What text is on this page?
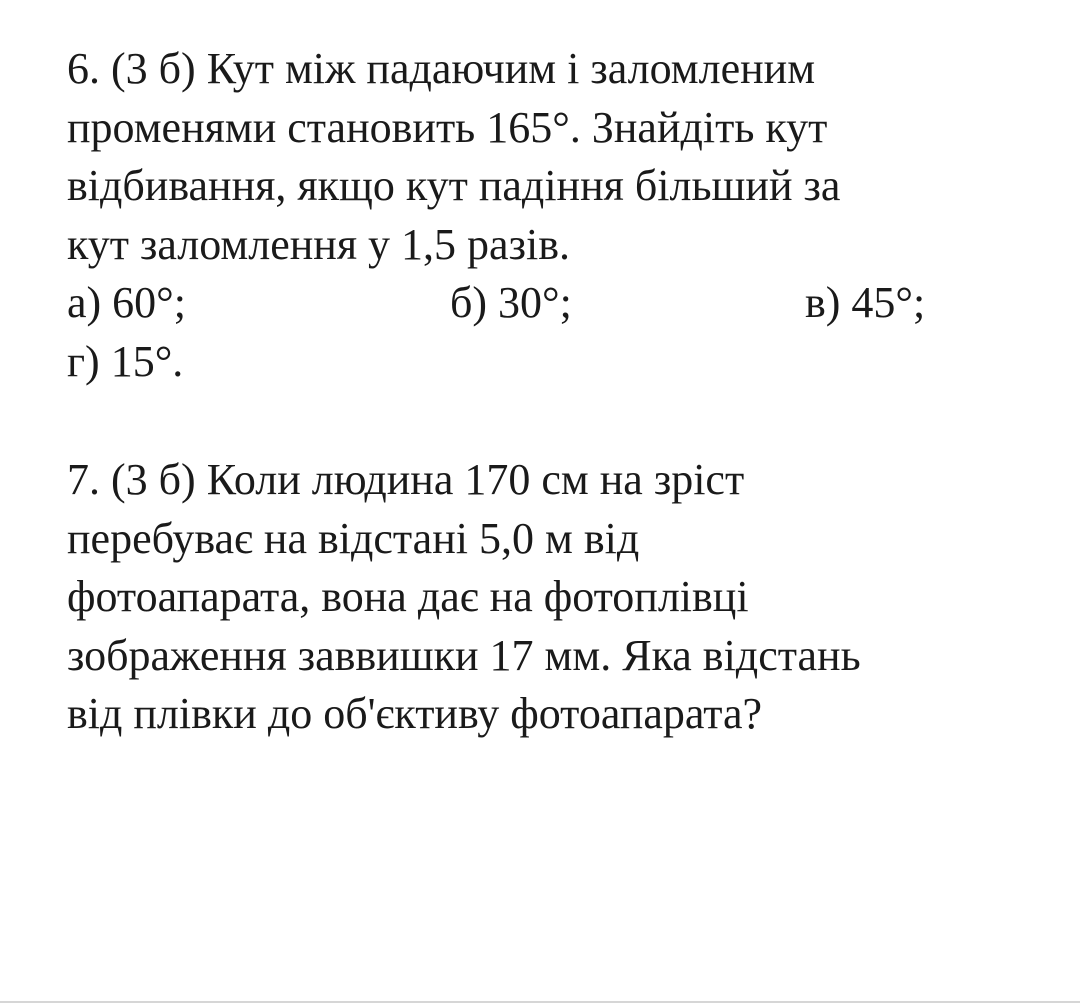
6. (3 б) Кут між падаючим і заломленим
променями становить 165°. Знайдіть кут
відбивання, якщо кут падіння більший за
кут заломлення у 1,5 разів.
а) 60°;	б) 30°;	в) 45°;
г) 15°.
7. (3 б) Коли людина 170 см на зріст
перебуває на відстані 5,0 м від
фотоапарата, вона дає на фотоплівці
зображення заввишки 17 мм. Яка відстань
від плівки до об'єктиву фотоапарата?
